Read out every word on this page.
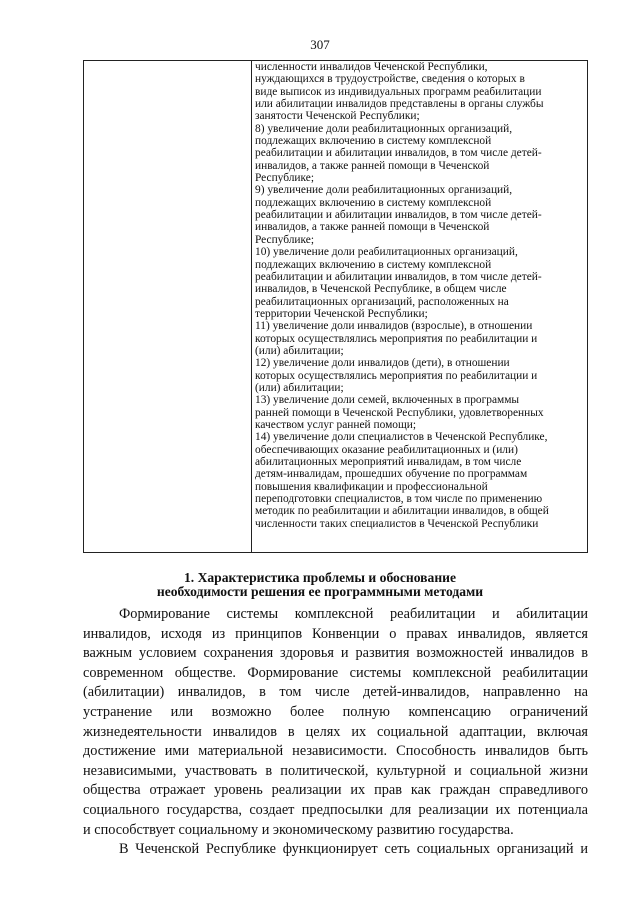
307
численности инвалидов Чеченской Республики,
нуждающихся в трудоустройстве, сведения о которых в
виде выписок из индивидуальных программ реабилитации
или абилитации инвалидов представлены в органы службы
занятости Чеченской Республики;
8) увеличение доли реабилитационных организаций,
подлежащих включению в систему комплексной
реабилитации и абилитации инвалидов, в том числе детей-
инвалидов, а также ранней помощи в Чеченской
Республике;
9) увеличение доли реабилитационных организаций,
подлежащих включению в систему комплексной
реабилитации и абилитации инвалидов, в том числе детей-
инвалидов, а также ранней помощи в Чеченской
Республике;
10) увеличение доли реабилитационных организаций,
подлежащих включению в систему комплексной
реабилитации и абилитации инвалидов, в том числе детей-
инвалидов, в Чеченской Республике, в общем числе
реабилитационных организаций, расположенных на
территории Чеченской Республики;
11) увеличение доли инвалидов (взрослые), в отношении
которых осуществлялись мероприятия по реабилитации и
(или) абилитации;
12) увеличение доли инвалидов (дети), в отношении
которых осуществлялись мероприятия по реабилитации и
(или) абилитации;
13) увеличение доли семей, включенных в программы
ранней помощи в Чеченской Республики, удовлетворенных
качеством услуг ранней помощи;
14) увеличение доли специалистов в Чеченской Республике,
обеспечивающих оказание реабилитационных и (или)
абилитационных мероприятий инвалидам, в том числе
детям-инвалидам, прошедших обучение по программам
повышения квалификации и профессиональной
переподготовки специалистов, в том числе по применению
методик по реабилитации и абилитации инвалидов, в общей
численности таких специалистов в Чеченской Республики
1. Характеристика проблемы и обоснование
необходимости решения ее программными методами
Формирование системы комплексной реабилитации и абилитации
инвалидов, исходя из принципов Конвенции о правах инвалидов, является
важным условием сохранения здоровья и развития возможностей инвалидов в
современном обществе. Формирование системы комплексной реабилитации
(абилитации) инвалидов, в том числе детей-инвалидов, направленно на
устранение или возможно более полную компенсацию ограничений
жизнедеятельности инвалидов в целях их социальной адаптации, включая
достижение ими материальной независимости. Способность инвалидов быть
независимыми, участвовать в политической, культурной и социальной жизни
общества отражает уровень реализации их прав как граждан справедливого
социального государства, создает предпосылки для реализации их потенциала
и способствует социальному и экономическому развитию государства.
В Чеченской Республике функционирует сеть социальных организаций и
